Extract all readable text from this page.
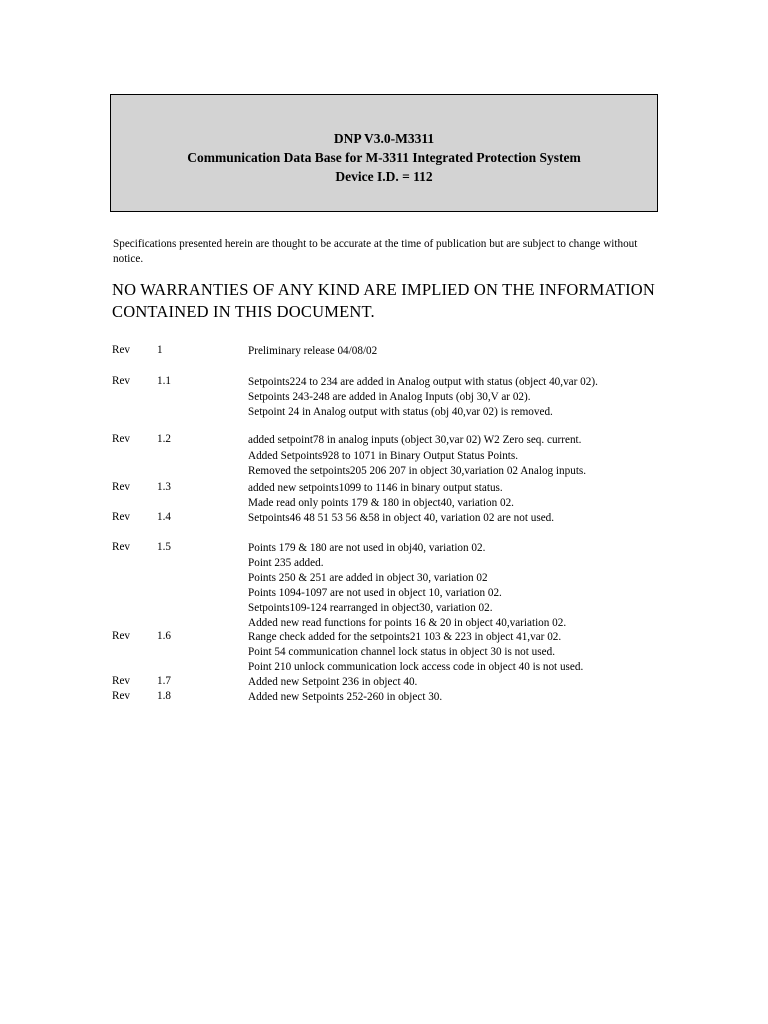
DNP V3.0-M3311
Communication Data Base for M-3311 Integrated Protection System
Device I.D. = 112
Specifications presented herein are thought to be accurate at the time of publication but are subject to change without notice.
NO WARRANTIES OF ANY KIND ARE IMPLIED ON THE INFORMATION CONTAINED IN THIS DOCUMENT.
Rev 1	Preliminary release 04/08/02
Rev 1.1	Setpoints224 to 234 are added in Analog output with status (object 40,var 02).
Setpoints 243-248 are added in Analog Inputs (obj 30,V ar 02).
Setpoint 24 in Analog output with status (obj 40,var 02) is removed.
Rev 1.2	added setpoint78 in analog inputs (object 30,var 02) W2 Zero seq. current.
Added Setpoints928 to 1071 in Binary Output Status Points.
Removed the setpoints205 206 207 in object 30,variation 02 Analog inputs.
Rev 1.3	added new setpoints1099 to 1146 in binary output status.
Made read only points 179 & 180 in object40, variation 02.
Rev 1.4	Setpoints46 48 51 53 56 &58 in object 40, variation 02 are not used.
Rev 1.5	Points 179 & 180 are not used in obj40, variation 02.
Point 235 added.
Points 250 & 251 are added in object 30, variation 02
Points 1094-1097 are not used in object 10, variation 02.
Setpoints109-124 rearranged in object30, variation 02.
Added new read functions for points 16 & 20 in object 40,variation 02.
Rev 1.6	Range check added for the setpoints21 103 & 223 in object 41,var 02.
Point 54 communication channel lock status in object 30 is not used.
Point 210 unlock communication lock access code in object 40 is not used.
Rev 1.7	Added new Setpoint 236 in object 40.
Rev 1.8	Added new Setpoints 252-260 in object 30.
